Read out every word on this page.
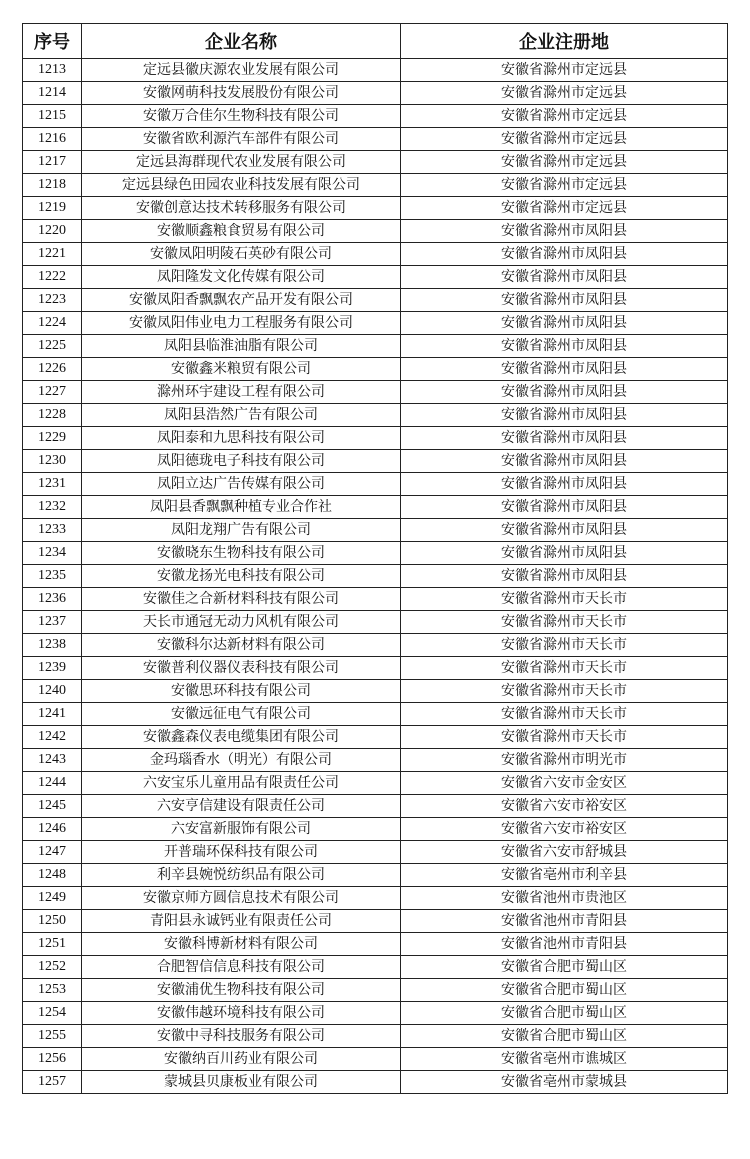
序号	企业名称	企业注册地
1213	定远县徽庆源农业发展有限公司	安徽省滁州市定远县
1214	安徽网萌科技发展股份有限公司	安徽省滁州市定远县
1215	安徽万合佳尔生物科技有限公司	安徽省滁州市定远县
1216	安徽省欧利源汽车部件有限公司	安徽省滁州市定远县
1217	定远县海群现代农业发展有限公司	安徽省滁州市定远县
1218	定远县绿色田园农业科技发展有限公司	安徽省滁州市定远县
1219	安徽创意达技术转移服务有限公司	安徽省滁州市定远县
1220	安徽顺鑫粮食贸易有限公司	安徽省滁州市凤阳县
1221	安徽凤阳明陵石英砂有限公司	安徽省滁州市凤阳县
1222	凤阳隆发文化传媒有限公司	安徽省滁州市凤阳县
1223	安徽凤阳香飘飘农产品开发有限公司	安徽省滁州市凤阳县
1224	安徽凤阳伟业电力工程服务有限公司	安徽省滁州市凤阳县
1225	凤阳县临淮油脂有限公司	安徽省滁州市凤阳县
1226	安徽鑫米粮贸有限公司	安徽省滁州市凤阳县
1227	滁州环宇建设工程有限公司	安徽省滁州市凤阳县
1228	凤阳县浩然广告有限公司	安徽省滁州市凤阳县
1229	凤阳泰和九思科技有限公司	安徽省滁州市凤阳县
1230	凤阳德珑电子科技有限公司	安徽省滁州市凤阳县
1231	凤阳立达广告传媒有限公司	安徽省滁州市凤阳县
1232	凤阳县香飘飘种植专业合作社	安徽省滁州市凤阳县
1233	凤阳龙翔广告有限公司	安徽省滁州市凤阳县
1234	安徽晓东生物科技有限公司	安徽省滁州市凤阳县
1235	安徽龙扬光电科技有限公司	安徽省滁州市凤阳县
1236	安徽佳之合新材料科技有限公司	安徽省滁州市天长市
1237	天长市通冠无动力风机有限公司	安徽省滁州市天长市
1238	安徽科尔达新材料有限公司	安徽省滁州市天长市
1239	安徽普利仪器仪表科技有限公司	安徽省滁州市天长市
1240	安徽思环科技有限公司	安徽省滁州市天长市
1241	安徽远征电气有限公司	安徽省滁州市天长市
1242	安徽鑫森仪表电缆集团有限公司	安徽省滁州市天长市
1243	金玛瑙香水（明光）有限公司	安徽省滁州市明光市
1244	六安宝乐儿童用品有限责任公司	安徽省六安市金安区
1245	六安亨信建设有限责任公司	安徽省六安市裕安区
1246	六安富新服饰有限公司	安徽省六安市裕安区
1247	开普瑞环保科技有限公司	安徽省六安市舒城县
1248	利辛县婉悦纺织品有限公司	安徽省亳州市利辛县
1249	安徽京师方圆信息技术有限公司	安徽省池州市贵池区
1250	青阳县永诚钙业有限责任公司	安徽省池州市青阳县
1251	安徽科博新材料有限公司	安徽省池州市青阳县
1252	合肥智信信息科技有限公司	安徽省合肥市蜀山区
1253	安徽浦优生物科技有限公司	安徽省合肥市蜀山区
1254	安徽伟越环境科技有限公司	安徽省合肥市蜀山区
1255	安徽中寻科技服务有限公司	安徽省合肥市蜀山区
1256	安徽纳百川药业有限公司	安徽省亳州市谯城区
1257	蒙城县贝康板业有限公司	安徽省亳州市蒙城县
